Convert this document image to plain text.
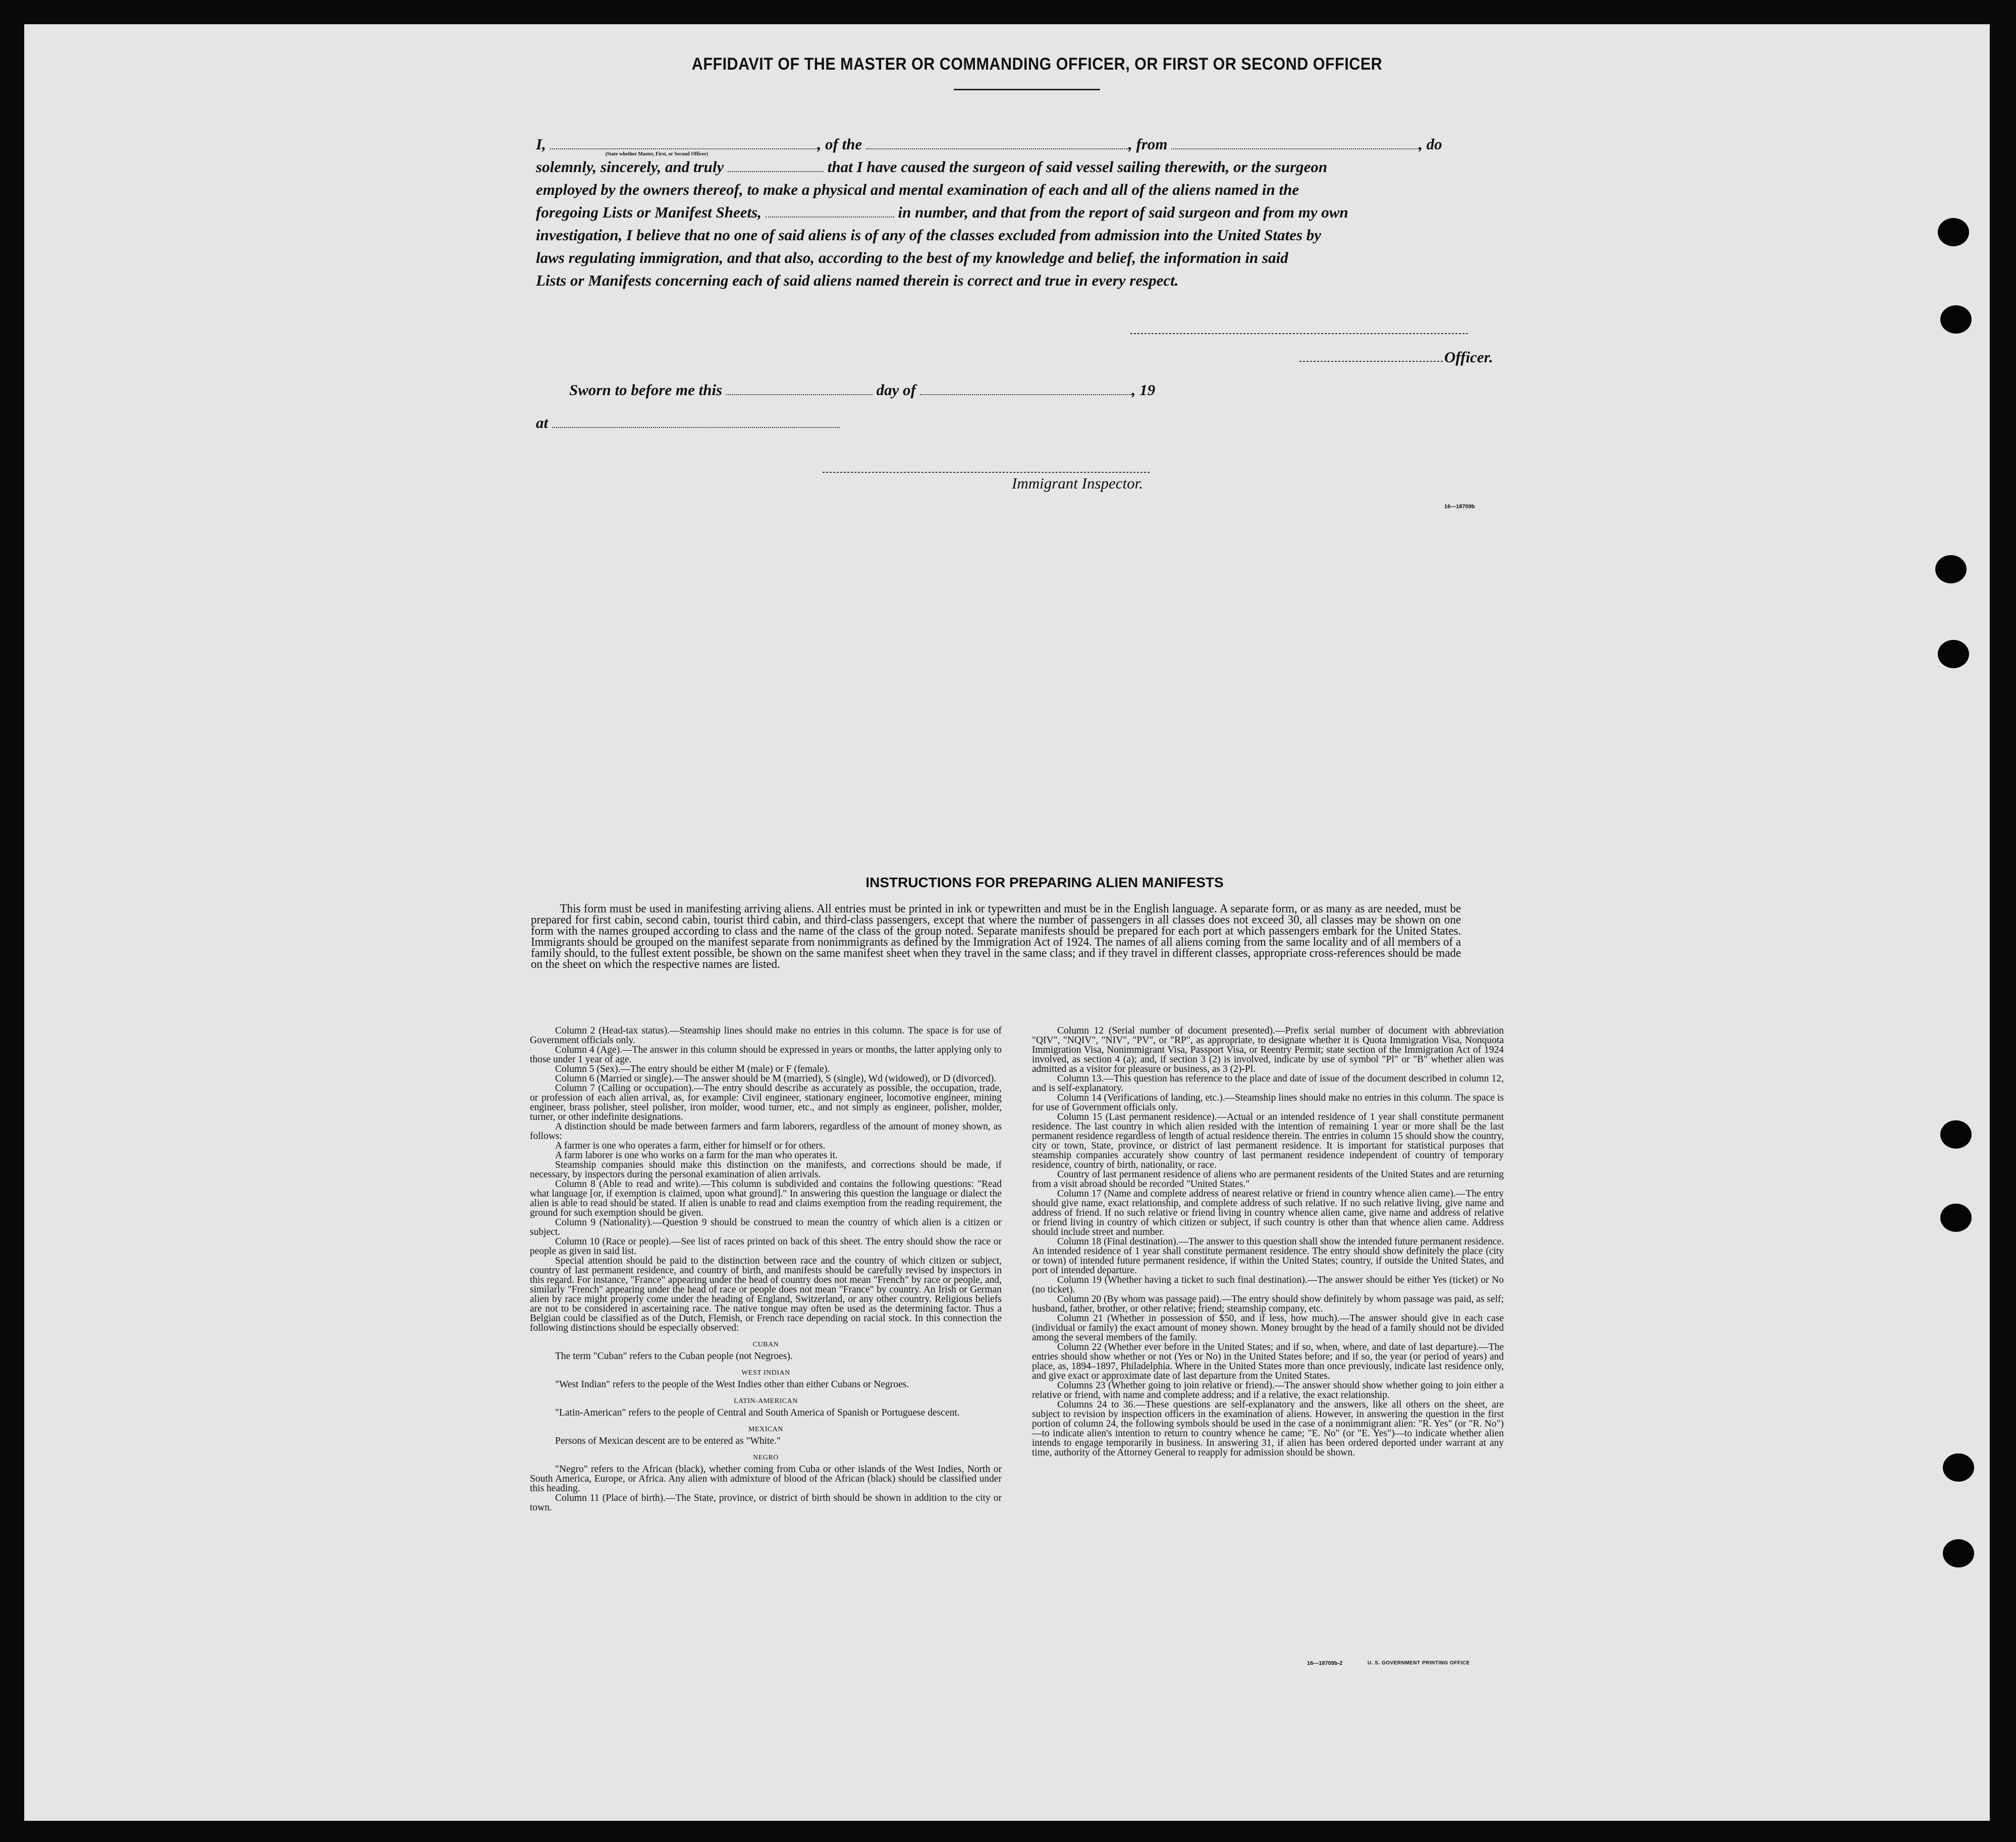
AFFIDAVIT OF THE MASTER OR COMMANDING OFFICER, OR FIRST OR SECOND OFFICER
I,
(State whether Master, First, or Second Officer)
, of the	, from	, do
solemnly, sincerely, and truly	that I have caused the surgeon of said vessel sailing therewith, or the surgeon
employed by the owners thereof, to make a physical and mental examination of each and all of the aliens named in the
foregoing Lists or Manifest Sheets,	in number, and that from the report of said surgeon and from my own
investigation, I believe that no one of said aliens is of any of the classes excluded from admission into the United States by
laws regulating immigration, and that also, according to the best of my knowledge and belief, the information in said
Lists or Manifests concerning each of said aliens named therein is correct and true in every respect.
Officer.
Sworn to before me this	day of	, 19
at
Immigrant Inspector.
16—18709b
INSTRUCTIONS FOR PREPARING ALIEN MANIFESTS
This form must be used in manifesting arriving aliens. All entries must be printed in ink or typewritten and must be in the English language. A separate form, or as many as are needed, must be prepared for first cabin, second cabin, tourist third cabin, and third-class passengers, except that where the number of passengers in all classes does not exceed 30, all classes may be shown on one form with the names grouped according to class and the name of the class of the group noted. Separate manifests should be prepared for each port at which passengers embark for the United States. Immigrants should be grouped on the manifest separate from nonimmigrants as defined by the Immigration Act of 1924. The names of all aliens coming from the same locality and of all members of a family should, to the fullest extent possible, be shown on the same manifest sheet when they travel in the same class; and if they travel in different classes, appropriate cross-references should be made on the sheet on which the respective names are listed.

Column 2 (Head-tax status).—Steamship lines should make no entries in this column. The space is for use of Government officials only.

Column 4 (Age).—The answer in this column should be expressed in years or months, the latter applying only to those under 1 year of age.

Column 5 (Sex).—The entry should be either M (male) or F (female).

Column 6 (Married or single).—The answer should be M (married), S (single), Wd (widowed), or D (divorced).

Column 7 (Calling or occupation).—The entry should describe as accurately as possible, the occupation, trade, or profession of each alien arrival, as, for example: Civil engineer, stationary engineer, locomotive engineer, mining engineer, brass polisher, steel polisher, iron molder, wood turner, etc., and not simply as engineer, polisher, molder, turner, or other indefinite designations.

A distinction should be made between farmers and farm laborers, regardless of the amount of money shown, as follows:

A farmer is one who operates a farm, either for himself or for others.

A farm laborer is one who works on a farm for the man who operates it.

Steamship companies should make this distinction on the manifests, and corrections should be made, if necessary, by inspectors during the personal examination of alien arrivals.

Column 8 (Able to read and write).—This column is subdivided and contains the following questions: "Read what language [or, if exemption is claimed, upon what ground]." In answering this question the language or dialect the alien is able to read should be stated. If alien is unable to read and claims exemption from the reading requirement, the ground for such exemption should be given.

Column 9 (Nationality).—Question 9 should be construed to mean the country of which alien is a citizen or subject.

Column 10 (Race or people).—See list of races printed on back of this sheet. The entry should show the race or people as given in said list.

Special attention should be paid to the distinction between race and the country of which citizen or subject, country of last permanent residence, and country of birth, and manifests should be carefully revised by inspectors in this regard. For instance, "France" appearing under the head of country does not mean "French" by race or people, and, similarly "French" appearing under the head of race or people does not mean "France" by country. An Irish or German alien by race might properly come under the heading of England, Switzerland, or any other country. Religious beliefs are not to be considered in ascertaining race. The native tongue may often be used as the determining factor. Thus a Belgian could be classified as of the Dutch, Flemish, or French race depending on racial stock. In this connection the following distinctions should be especially observed:

CUBAN

The term "Cuban" refers to the Cuban people (not Negroes).

WEST INDIAN

"West Indian" refers to the people of the West Indies other than either Cubans or Negroes.

LATIN-AMERICAN

"Latin-American" refers to the people of Central and South America of Spanish or Portuguese descent.

MEXICAN

Persons of Mexican descent are to be entered as "White."

NEGRO

"Negro" refers to the African (black), whether coming from Cuba or other islands of the West Indies, North or South America, Europe, or Africa. Any alien with admixture of blood of the African (black) should be classified under this heading.

Column 11 (Place of birth).—The State, province, or district of birth should be shown in addition to the city or town.

Column 12 (Serial number of document presented).—Prefix serial number of document with abbreviation "QIV", "NQIV", "NIV", "PV", or "RP", as appropriate, to designate whether it is Quota Immigration Visa, Nonquota Immigration Visa, Nonimmigrant Visa, Passport Visa, or Reentry Permit; state section of the Immigration Act of 1924 involved, as section 4 (a); and, if section 3 (2) is involved, indicate by use of symbol "Pl" or "B" whether alien was admitted as a visitor for pleasure or business, as 3 (2)-Pl.

Column 13.—This question has reference to the place and date of issue of the document described in column 12, and is self-explanatory.

Column 14 (Verifications of landing, etc.).—Steamship lines should make no entries in this column. The space is for use of Government officials only.

Column 15 (Last permanent residence).—Actual or an intended residence of 1 year shall constitute permanent residence. The last country in which alien resided with the intention of remaining 1 year or more shall be the last permanent residence regardless of length of actual residence therein. The entries in column 15 should show the country, city or town, State, province, or district of last permanent residence. It is important for statistical purposes that steamship companies accurately show country of last permanent residence independent of country of temporary residence, country of birth, nationality, or race.

Country of last permanent residence of aliens who are permanent residents of the United States and are returning from a visit abroad should be recorded "United States."

Column 17 (Name and complete address of nearest relative or friend in country whence alien came).—The entry should give name, exact relationship, and complete address of such relative. If no such relative living, give name and address of friend. If no such relative or friend living in country whence alien came, give name and address of relative or friend living in country of which citizen or subject, if such country is other than that whence alien came. Address should include street and number.

Column 18 (Final destination).—The answer to this question shall show the intended future permanent residence. An intended residence of 1 year shall constitute permanent residence. The entry should show definitely the place (city or town) of intended future permanent residence, if within the United States; country, if outside the United States, and port of intended departure.

Column 19 (Whether having a ticket to such final destination).—The answer should be either Yes (ticket) or No (no ticket).

Column 20 (By whom was passage paid).—The entry should show definitely by whom passage was paid, as self; husband, father, brother, or other relative; friend; steamship company, etc.

Column 21 (Whether in possession of $50, and if less, how much).—The answer should give in each case (individual or family) the exact amount of money shown. Money brought by the head of a family should not be divided among the several members of the family.

Column 22 (Whether ever before in the United States; and if so, when, where, and date of last departure).—The entries should show whether or not (Yes or No) in the United States before; and if so, the year (or period of years) and place, as, 1894–1897, Philadelphia. Where in the United States more than once previously, indicate last residence only, and give exact or approximate date of last departure from the United States.

Columns 23 (Whether going to join relative or friend).—The answer should show whether going to join either a relative or friend, with name and complete address; and if a relative, the exact relationship.

Columns 24 to 36.—These questions are self-explanatory and the answers, like all others on the sheet, are subject to revision by inspection officers in the examination of aliens. However, in answering the question in the first portion of column 24, the following symbols should be used in the case of a nonimmigrant alien: "R. Yes" (or "R. No")—to indicate alien's intention to return to country whence he came; "E. No" (or "E. Yes")—to indicate whether alien intends to engage temporarily in business. In answering 31, if alien has been ordered deported under warrant at any time, authority of the Attorney General to reapply for admission should be shown.

16—18709b-2	U. S. GOVERNMENT PRINTING OFFICE
